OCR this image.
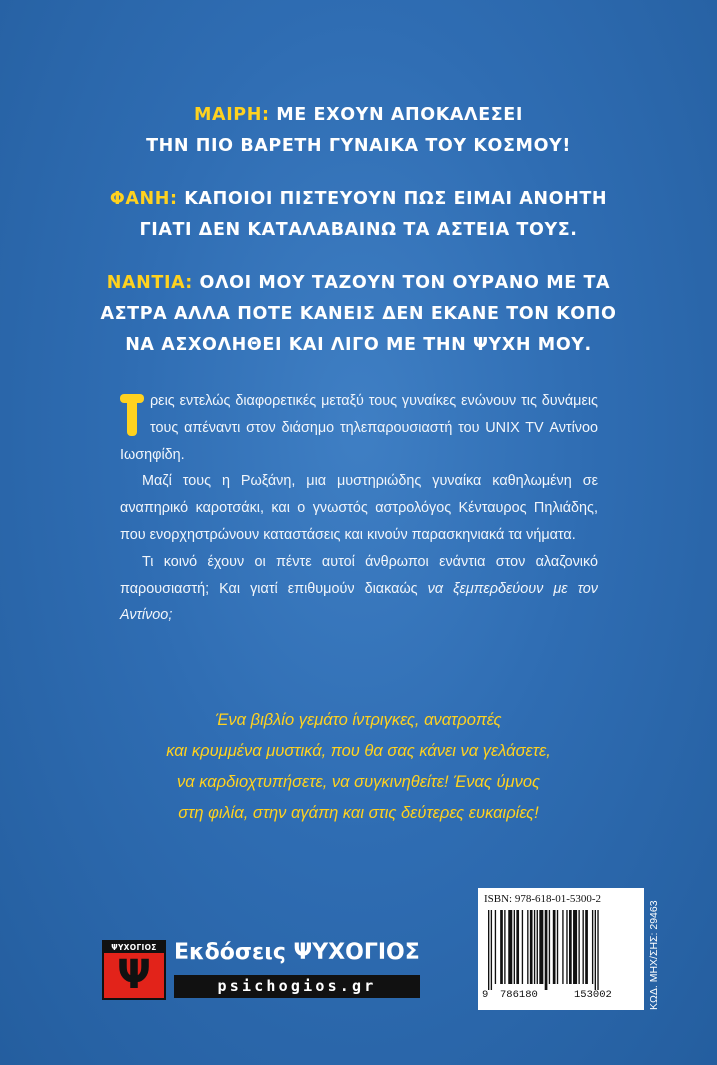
ΜΑΙΡΗ: ΜΕ ΕΧΟΥΝ ΑΠΟΚΑΛΕΣΕΙ
ΤΗΝ ΠΙΟ ΒΑΡΕΤΗ ΓΥΝΑΙΚΑ ΤΟΥ ΚΟΣΜΟΥ!
ΦΑΝΗ: ΚΑΠΟΙΟΙ ΠΙΣΤΕΥΟΥΝ ΠΩΣ ΕΙΜΑΙ ΑΝΟΗΤΗ
ΓΙΑΤΙ ΔΕΝ ΚΑΤΑΛΑΒΑΙΝΩ ΤΑ ΑΣΤΕΙΑ ΤΟΥΣ.
ΝΑΝΤΙΑ: ΟΛΟΙ ΜΟΥ ΤΑΖΟΥΝ ΤΟΝ ΟΥΡΑΝΟ ΜΕ ΤΑ
ΑΣΤΡΑ ΑΛΛΑ ΠΟΤΕ ΚΑΝΕΙΣ ΔΕΝ ΕΚΑΝΕ ΤΟΝ ΚΟΠΟ
ΝΑ ΑΣΧΟΛΗΘΕΙ ΚΑΙ ΛΙΓΟ ΜΕ ΤΗΝ ΨΥΧΗ ΜΟΥ.

ρεις εντελώς διαφορετικές μεταξύ τους γυναίκες ενώνουν τις δυνάμεις τους απέναντι στον διάσημο τηλεπαρουσιαστή του UNIX TV Αντίνοο Ιωσηφίδη.

Μαζί τους η Ρωξάνη, μια μυστηριώδης γυναίκα καθηλωμένη σε αναπηρικό καροτσάκι, και ο γνωστός αστρολόγος Κένταυρος Πηλιάδης, που ενορχηστρώνουν καταστάσεις και κινούν παρασκηνιακά τα νήματα.

Τι κοινό έχουν οι πέντε αυτοί άνθρωποι ενάντια στον αλαζονικό παρουσιαστή; Και γιατί επιθυμούν διακαώς να ξεμπερδεύουν με τον Αντίνοο;

Ένα βιβλίο γεμάτο ίντριγκες, ανατροπές
και κρυμμένα μυστικά, που θα σας κάνει να γελάσετε,
να καρδιοχτυπήσετε, να συγκινηθείτε! Ένας ύμνος
στη φιλία, στην αγάπη και στις δεύτερες ευκαιρίες!
ΨΥΧΟΓΙΟΣ
Ψ	Εκδόσεις ΨΥΧΟΓΙΟΣ
psichogios.gr
ISBN: 978-618-01-5300-2
9 786180	153002	ΚΩΔ. ΜΗΧ/ΣΗΣ: 29463
